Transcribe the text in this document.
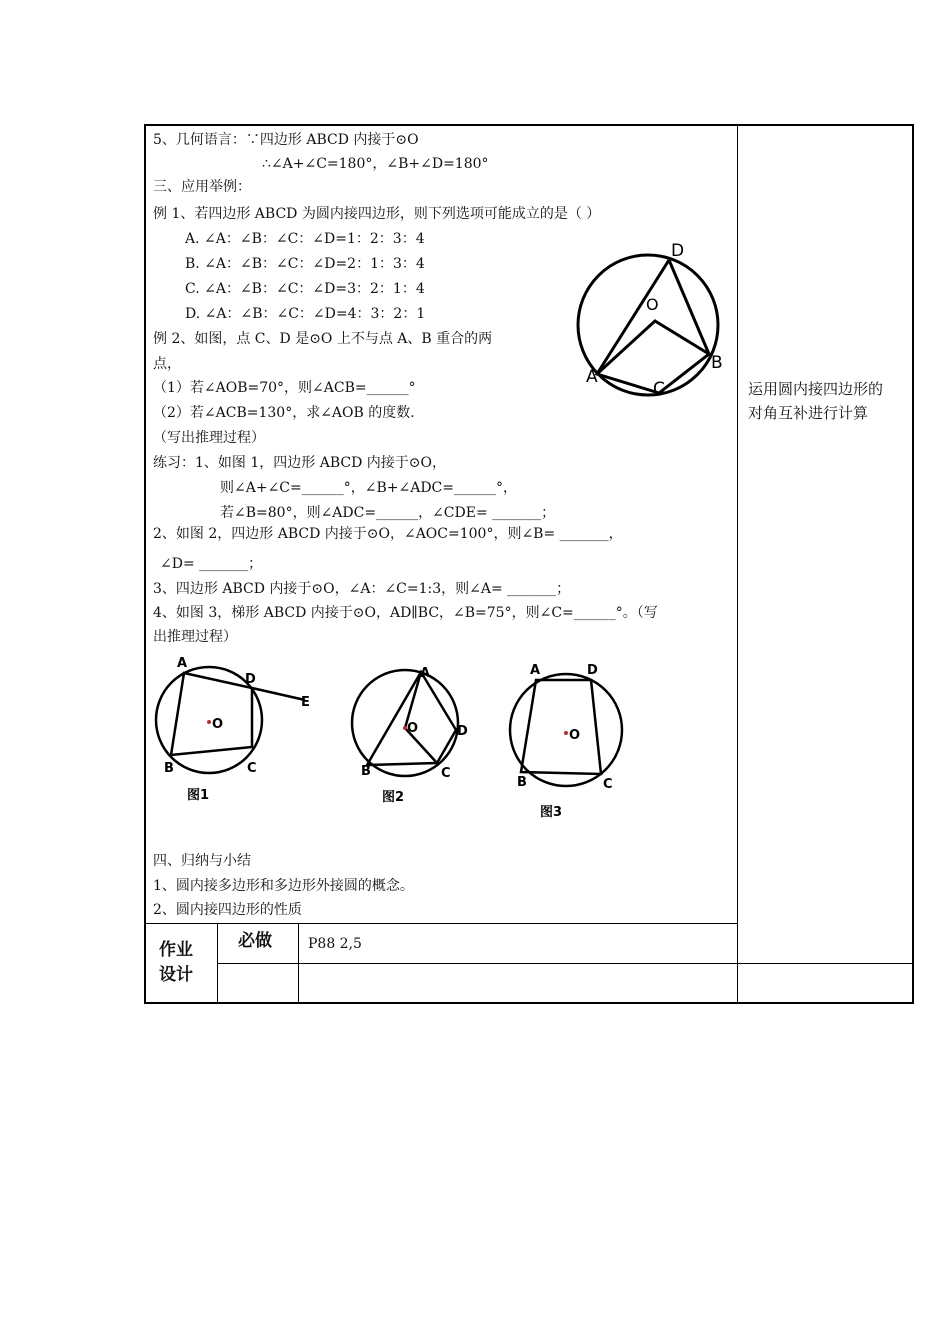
5、几何语言：∵四边形 ABCD 内接于⊙O
∴∠A+∠C=180°，∠B+∠D=180°
三、应用举例：
例 1、若四边形 ABCD 为圆内接四边形，则下列选项可能成立的是（ ）
A. ∠A：∠B：∠C：∠D=1：2：3：4
B. ∠A：∠B：∠C：∠D=2：1：3：4
C. ∠A：∠B：∠C：∠D=3：2：1：4
D. ∠A：∠B：∠C：∠D=4：3：2：1
例 2、如图，点 C、D 是⊙O 上不与点 A、B 重合的两
点，
（1）若∠AOB=70°，则∠ACB=______°
（2）若∠ACB=130°，求∠AOB 的度数.
（写出推理过程）
练习：1、如图 1，四边形 ABCD 内接于⊙O，
则∠A+∠C=______°，∠B+∠ADC=______°，
若∠B=80°，则∠ADC=______，∠CDE= _______；
2、如图 2，四边形 ABCD 内接于⊙O，∠AOC=100°，则∠B= _______，
∠D= _______；
3、四边形 ABCD 内接于⊙O，∠A：∠C=1:3，则∠A= _______；
4、如图 3，梯形 ABCD 内接于⊙O，AD∥BC，∠B=75°，则∠C=______°。（写
出推理过程）
四、归纳与小结
1、圆内接多边形和多边形外接圆的概念。
2、圆内接四边形的性质
运用圆内接四边形的
对角互补进行计算
作业
设计
必做	P88 2,5
D
O
B
A
C
A
D
E
O
B	C
图1
A
O	D
B	C
图2
A	D
O
B	C
图3
